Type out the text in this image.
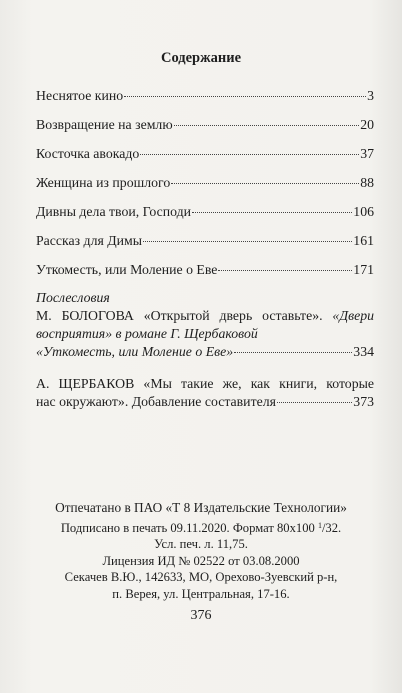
Содержание
Неснятое кино	3
Возвращение на землю	20
Косточка авокадо	37
Женщина из прошлого	88
Дивны дела твои, Господи	106
Рассказ для Димы	161
Уткоместь, или Моление о Еве	171
Послесловия
М. БОЛОГОВА «Открытой дверь оставьте». «Двери
восприятия» в романе Г. Щербаковой
«Уткоместь, или Моление о Еве»	334
А. ЩЕРБАКОВ «Мы такие же, как книги, которые
нас окружают». Добавление составителя	373
Отпечатано в ПАО «Т 8 Издательские Технологии»
Подписано в печать 09.11.2020. Формат 80x100 $^1$/32.
Усл. печ. л. 11,75.
Лицензия ИД № 02522 от 03.08.2000
Секачев В.Ю., 142633, МО, Орехово-Зуевский р-н,
п. Верея, ул. Центральная, 17-16.
376
